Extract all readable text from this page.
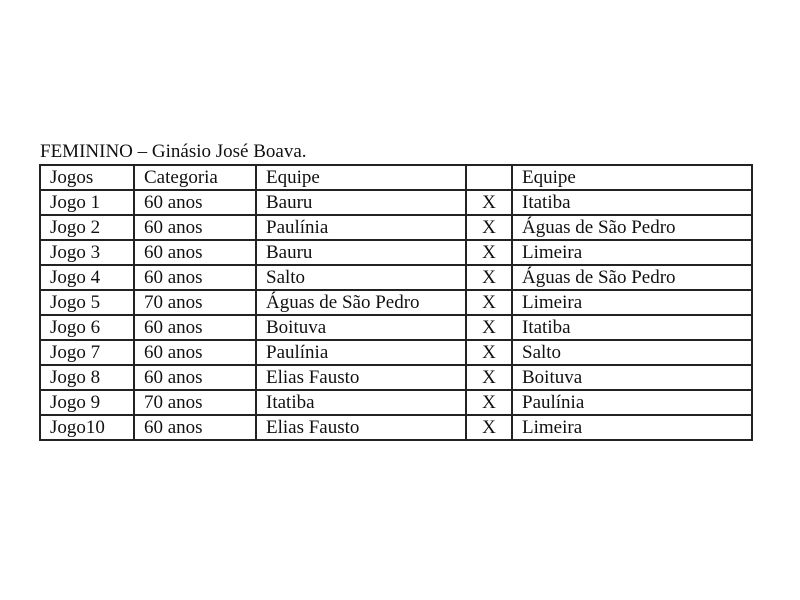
FEMININO – Ginásio José Boava.
Jogos	Categoria	Equipe		Equipe
Jogo 1	60 anos	Bauru	X	Itatiba
Jogo 2	60 anos	Paulínia	X	Águas de São Pedro
Jogo 3	60 anos	Bauru	X	Limeira
Jogo 4	60 anos	Salto	X	Águas de São Pedro
Jogo 5	70 anos	Águas de São Pedro	X	Limeira
Jogo 6	60 anos	Boituva	X	Itatiba
Jogo 7	60 anos	Paulínia	X	Salto
Jogo 8	60 anos	Elias Fausto	X	Boituva
Jogo 9	70 anos	Itatiba	X	Paulínia
Jogo10	60 anos	Elias Fausto	X	Limeira
